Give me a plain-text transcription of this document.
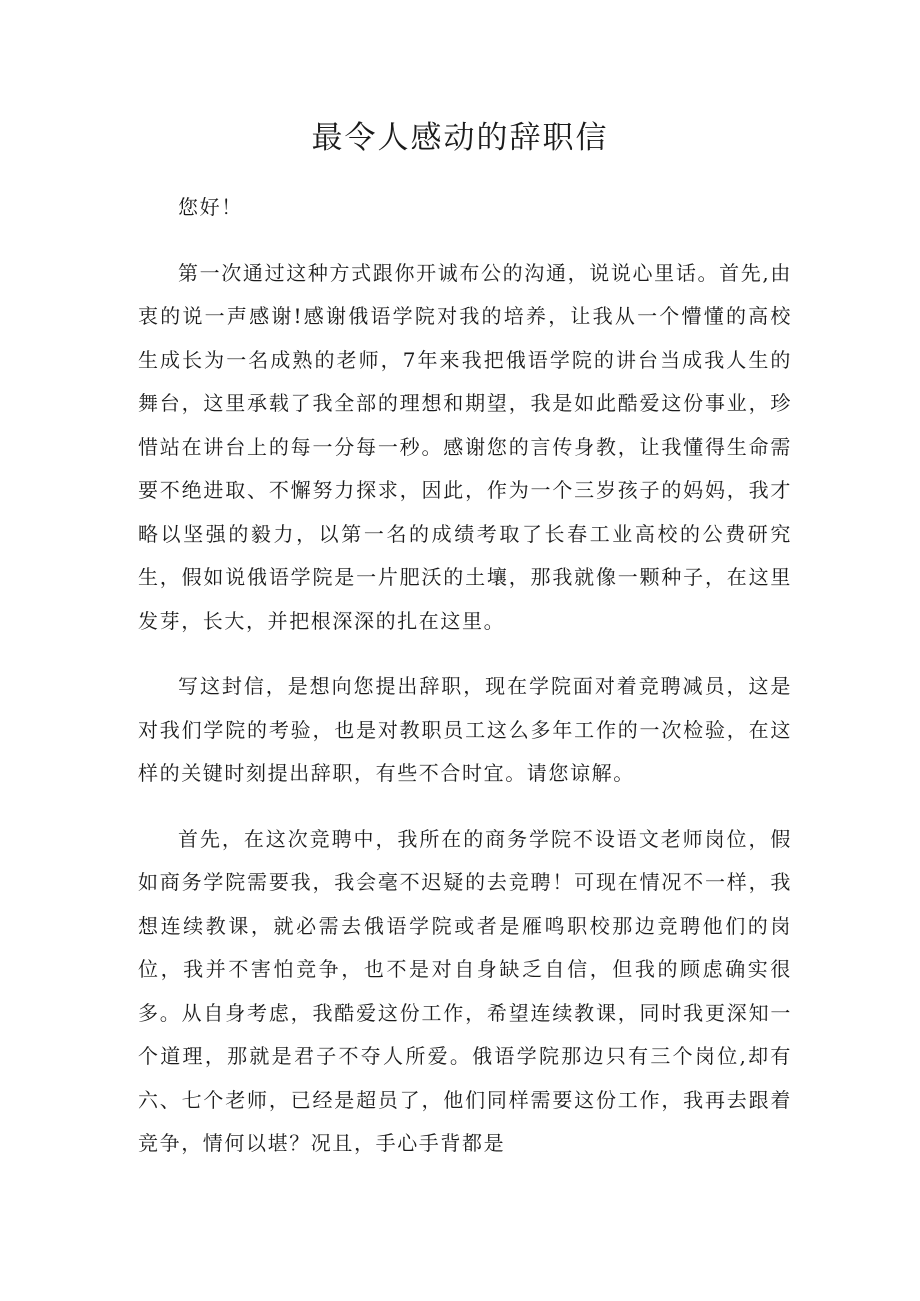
最令人感动的辞职信

您好！

第一次通过这种方式跟你开诚布公的沟通，说说心里话。首先,由衷的说一声感谢!感谢俄语学院对我的培养，让我从一个懵懂的高校生成长为一名成熟的老师，7年来我把俄语学院的讲台当成我人生的舞台，这里承载了我全部的理想和期望，我是如此酷爱这份事业，珍惜站在讲台上的每一分每一秒。感谢您的言传身教，让我懂得生命需要不绝进取、不懈努力探求，因此，作为一个三岁孩子的妈妈，我才略以坚强的毅力，以第一名的成绩考取了长春工业高校的公费研究生，假如说俄语学院是一片肥沃的土壤，那我就像一颗种子，在这里发芽，长大，并把根深深的扎在这里。

写这封信，是想向您提出辞职，现在学院面对着竞聘减员，这是对我们学院的考验，也是对教职员工这么多年工作的一次检验，在这样的关键时刻提出辞职，有些不合时宜。请您谅解。

首先，在这次竞聘中，我所在的商务学院不设语文老师岗位，假如商务学院需要我，我会毫不迟疑的去竞聘！可现在情况不一样，我想连续教课，就必需去俄语学院或者是雁鸣职校那边竞聘他们的岗位，我并不害怕竞争，也不是对自身缺乏自信，但我的顾虑确实很多。从自身考虑，我酷爱这份工作，希望连续教课，同时我更深知一个道理，那就是君子不夺人所爱。俄语学院那边只有三个岗位,却有六、七个老师，已经是超员了，他们同样需要这份工作，我再去跟着竞争，情何以堪？况且，手心手背都是
